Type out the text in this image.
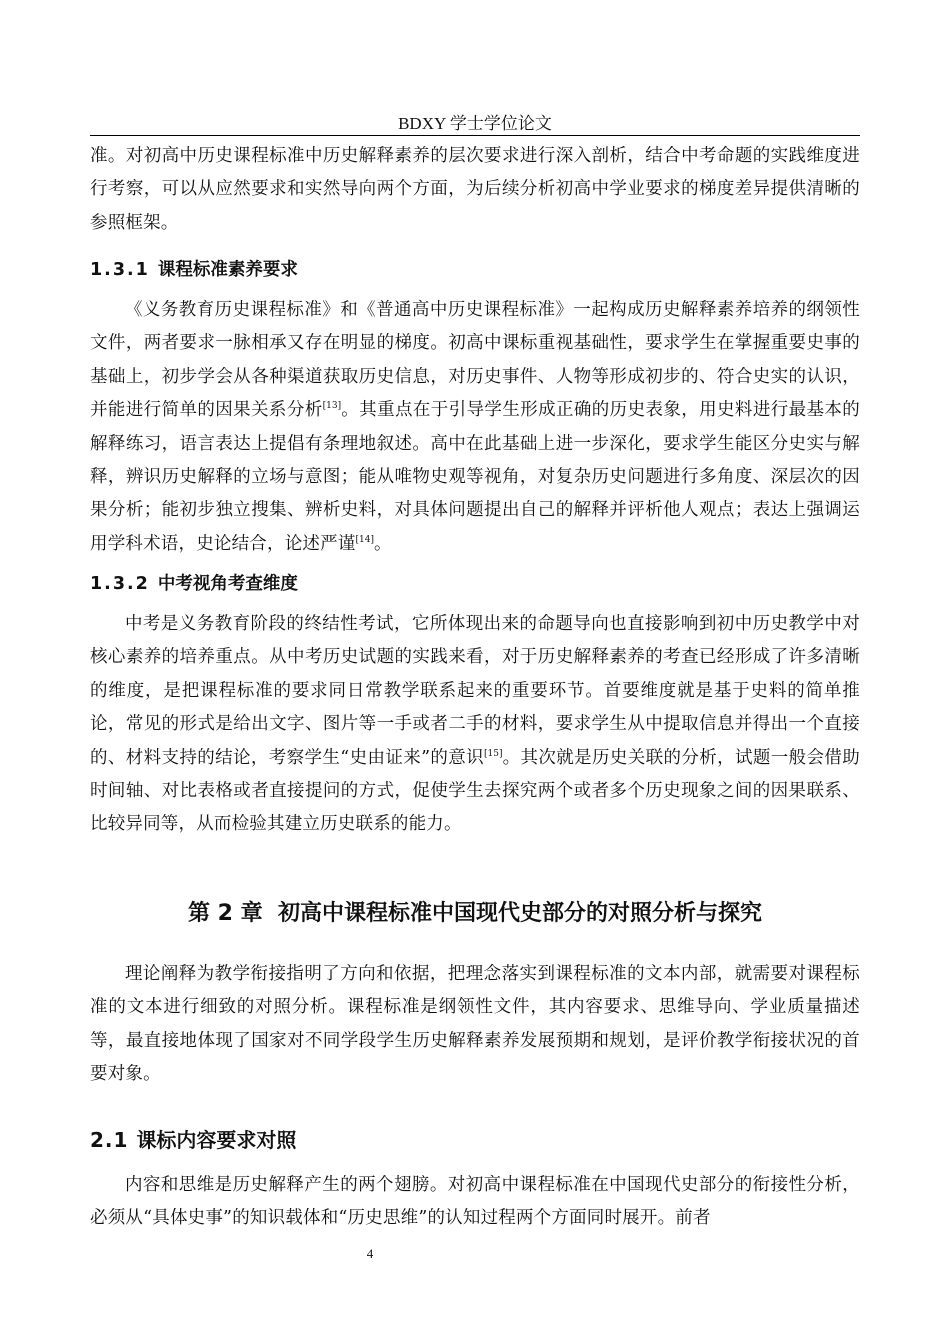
BDXY 学士学位论文

准。对初高中历史课程标准中历史解释素养的层次要求进行深入剖析，结合中考命题的实践维度进行考察，可以从应然要求和实然导向两个方面，为后续分析初高中学业要求的梯度差异提供清晰的参照框架。

1.3.1 课程标准素养要求

《义务教育历史课程标准》和《普通高中历史课程标准》一起构成历史解释素养培养的纲领性文件，两者要求一脉相承又存在明显的梯度。初高中课标重视基础性，要求学生在掌握重要史事的基础上，初步学会从各种渠道获取历史信息，对历史事件、人物等形成初步的、符合史实的认识，并能进行简单的因果关系分析[13]。其重点在于引导学生形成正确的历史表象，用史料进行最基本的解释练习，语言表达上提倡有条理地叙述。高中在此基础上进一步深化，要求学生能区分史实与解释，辨识历史解释的立场与意图；能从唯物史观等视角，对复杂历史问题进行多角度、深层次的因果分析；能初步独立搜集、辨析史料，对具体问题提出自己的解释并评析他人观点；表达上强调运用学科术语，史论结合，论述严谨[14]。

1.3.2 中考视角考查维度

中考是义务教育阶段的终结性考试，它所体现出来的命题导向也直接影响到初中历史教学中对核心素养的培养重点。从中考历史试题的实践来看，对于历史解释素养的考查已经形成了许多清晰的维度，是把课程标准的要求同日常教学联系起来的重要环节。首要维度就是基于史料的简单推论，常见的形式是给出文字、图片等一手或者二手的材料，要求学生从中提取信息并得出一个直接的、材料支持的结论，考察学生“史由证来”的意识[15]。其次就是历史关联的分析，试题一般会借助时间轴、对比表格或者直接提问的方式，促使学生去探究两个或者多个历史现象之间的因果联系、比较异同等，从而检验其建立历史联系的能力。

第 2 章 初高中课程标准中国现代史部分的对照分析与探究

理论阐释为教学衔接指明了方向和依据，把理念落实到课程标准的文本内部，就需要对课程标准的文本进行细致的对照分析。课程标准是纲领性文件，其内容要求、思维导向、学业质量描述等，最直接地体现了国家对不同学段学生历史解释素养发展预期和规划，是评价教学衔接状况的首要对象。

2.1 课标内容要求对照

内容和思维是历史解释产生的两个翅膀。对初高中课程标准在中国现代史部分的衔接性分析，必须从“具体史事”的知识载体和“历史思维”的认知过程两个方面同时展开。前者

4
